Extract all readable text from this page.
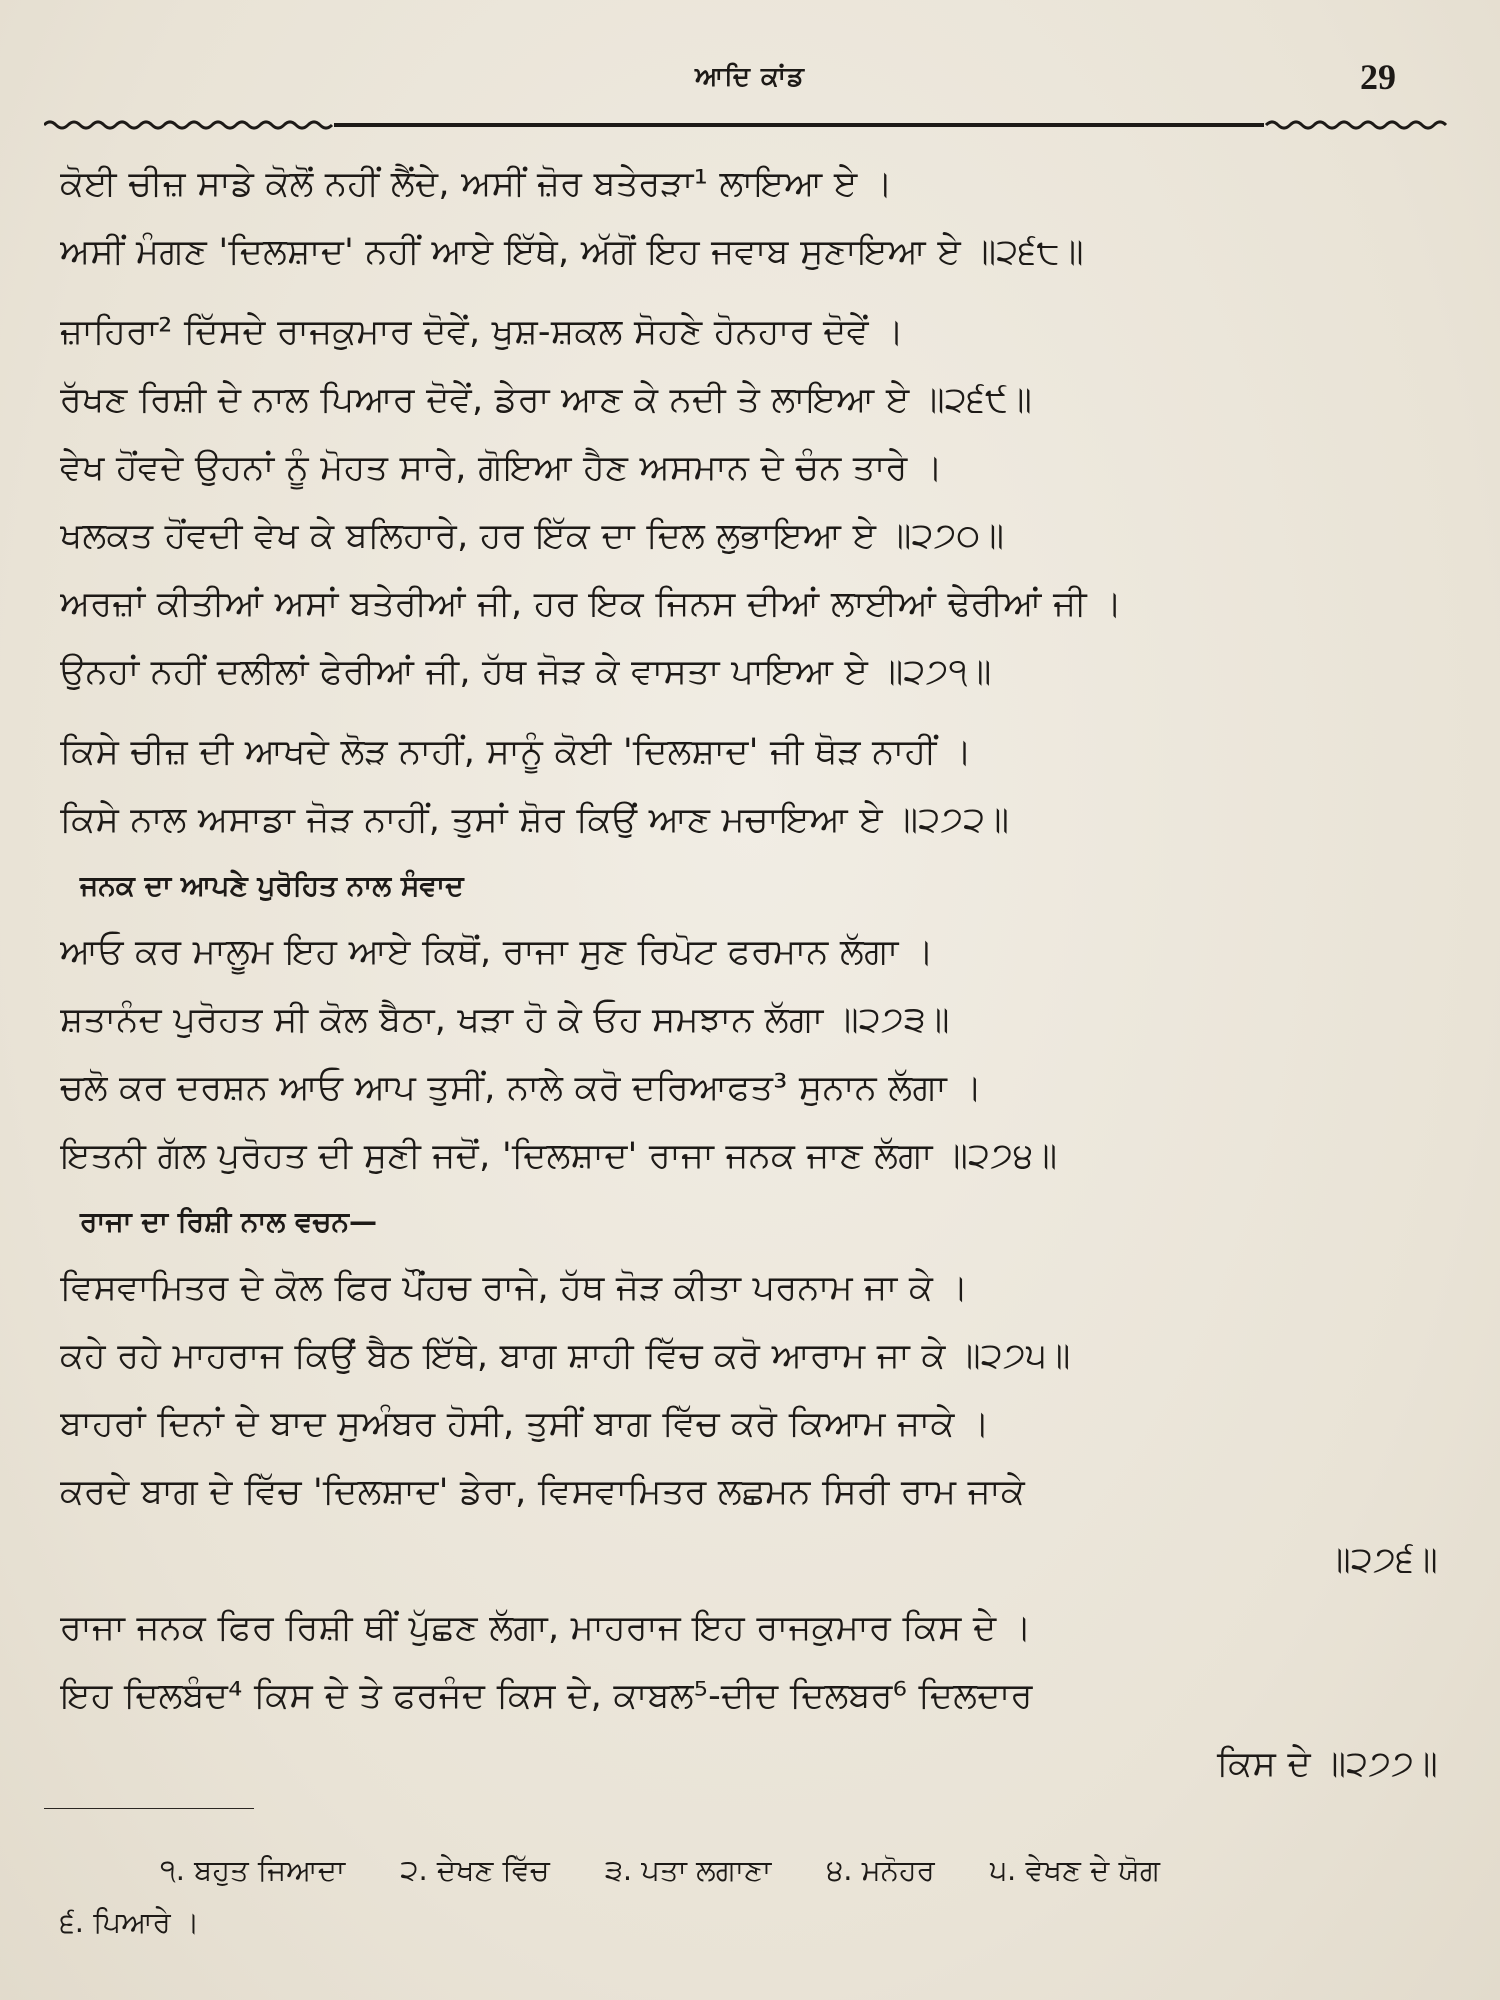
ਆਦਿ ਕਾਂਡ	29
ਕੋਈ ਚੀਜ਼ ਸਾਡੇ ਕੋਲੋਂ ਨਹੀਂ ਲੈਂਦੇ, ਅਸੀਂ ਜ਼ੋਰ ਬਤੇਰੜਾ¹ ਲਾਇਆ ਏ ।
ਅਸੀਂ ਮੰਗਣ 'ਦਿਲਸ਼ਾਦ' ਨਹੀਂ ਆਏ ਇੱਥੇ, ਅੱਗੋਂ ਇਹ ਜਵਾਬ ਸੁਣਾਇਆ ਏ ॥੨੬੮॥
ਜ਼ਾਹਿਰਾ² ਦਿੱਸਦੇ ਰਾਜਕੁਮਾਰ ਦੋਵੇਂ, ਖੁਸ਼-ਸ਼ਕਲ ਸੋਹਣੇ ਹੋਨਹਾਰ ਦੋਵੇਂ ।
ਰੱਖਣ ਰਿਸ਼ੀ ਦੇ ਨਾਲ ਪਿਆਰ ਦੋਵੇਂ, ਡੇਰਾ ਆਣ ਕੇ ਨਦੀ ਤੇ ਲਾਇਆ ਏ ॥੨੬੯॥
ਵੇਖ ਹੋਂਵਦੇ ਉਹਨਾਂ ਨੂੰ ਮੋਹਤ ਸਾਰੇ, ਗੋਇਆ ਹੈਣ ਅਸਮਾਨ ਦੇ ਚੰਨ ਤਾਰੇ ।
ਖਲਕਤ ਹੋਂਵਦੀ ਵੇਖ ਕੇ ਬਲਿਹਾਰੇ, ਹਰ ਇੱਕ ਦਾ ਦਿਲ ਲੁਭਾਇਆ ਏ ॥੨੭੦॥
ਅਰਜ਼ਾਂ ਕੀਤੀਆਂ ਅਸਾਂ ਬਤੇਰੀਆਂ ਜੀ, ਹਰ ਇਕ ਜਿਨਸ ਦੀਆਂ ਲਾਈਆਂ ਢੇਰੀਆਂ ਜੀ ।
ਉਨਹਾਂ ਨਹੀਂ ਦਲੀਲਾਂ ਫੇਰੀਆਂ ਜੀ, ਹੱਥ ਜੋੜ ਕੇ ਵਾਸਤਾ ਪਾਇਆ ਏ ॥੨੭੧॥
ਕਿਸੇ ਚੀਜ਼ ਦੀ ਆਖਦੇ ਲੋੜ ਨਾਹੀਂ, ਸਾਨੂੰ ਕੋਈ 'ਦਿਲਸ਼ਾਦ' ਜੀ ਥੋੜ ਨਾਹੀਂ ।
ਕਿਸੇ ਨਾਲ ਅਸਾਡਾ ਜੋੜ ਨਾਹੀਂ, ਤੁਸਾਂ ਸ਼ੋਰ ਕਿਉਂ ਆਣ ਮਚਾਇਆ ਏ ॥੨੭੨॥
ਜਨਕ ਦਾ ਆਪਣੇ ਪੁਰੋਹਿਤ ਨਾਲ ਸੰਵਾਦ
ਆਓ ਕਰ ਮਾਲੂਮ ਇਹ ਆਏ ਕਿਥੋਂ, ਰਾਜਾ ਸੁਣ ਰਿਪੋਟ ਫਰਮਾਨ ਲੱਗਾ ।
ਸ਼ਤਾਨੰਦ ਪੁਰੋਹਤ ਸੀ ਕੋਲ ਬੈਠਾ, ਖੜਾ ਹੋ ਕੇ ਓਹ ਸਮਝਾਨ ਲੱਗਾ ॥੨੭੩॥
ਚਲੋ ਕਰ ਦਰਸ਼ਨ ਆਓ ਆਪ ਤੁਸੀਂ, ਨਾਲੇ ਕਰੋ ਦਰਿਆਫਤ³ ਸੁਨਾਨ ਲੱਗਾ ।
ਇਤਨੀ ਗੱਲ ਪੁਰੋਹਤ ਦੀ ਸੁਣੀ ਜਦੋਂ, 'ਦਿਲਸ਼ਾਦ' ਰਾਜਾ ਜਨਕ ਜਾਣ ਲੱਗਾ ॥੨੭੪॥
ਰਾਜਾ ਦਾ ਰਿਸ਼ੀ ਨਾਲ ਵਚਨ—
ਵਿਸਵਾਮਿਤਰ ਦੇ ਕੋਲ ਫਿਰ ਪੌਂਹਚ ਰਾਜੇ, ਹੱਥ ਜੋੜ ਕੀਤਾ ਪਰਨਾਮ ਜਾ ਕੇ ।
ਕਹੇ ਰਹੇ ਮਾਹਰਾਜ ਕਿਉਂ ਬੈਠ ਇੱਥੇ, ਬਾਗ ਸ਼ਾਹੀ ਵਿੱਚ ਕਰੋ ਆਰਾਮ ਜਾ ਕੇ ॥੨੭੫॥
ਬਾਹਰਾਂ ਦਿਨਾਂ ਦੇ ਬਾਦ ਸੁਅੰਬਰ ਹੋਸੀ, ਤੁਸੀਂ ਬਾਗ ਵਿੱਚ ਕਰੋ ਕਿਆਮ ਜਾਕੇ ।
ਕਰਦੇ ਬਾਗ ਦੇ ਵਿੱਚ 'ਦਿਲਸ਼ਾਦ' ਡੇਰਾ, ਵਿਸਵਾਮਿਤਰ ਲਛਮਨ ਸਿਰੀ ਰਾਮ ਜਾਕੇ
॥੨੭੬॥
ਰਾਜਾ ਜਨਕ ਫਿਰ ਰਿਸ਼ੀ ਥੀਂ ਪੁੱਛਣ ਲੱਗਾ, ਮਾਹਰਾਜ ਇਹ ਰਾਜਕੁਮਾਰ ਕਿਸ ਦੇ ।
ਇਹ ਦਿਲਬੰਦ⁴ ਕਿਸ ਦੇ ਤੇ ਫਰਜੰਦ ਕਿਸ ਦੇ, ਕਾਬਲ⁵-ਦੀਦ ਦਿਲਬਰ⁶ ਦਿਲਦਾਰ
ਕਿਸ ਦੇ ॥੨੭੭॥
੧. ਬਹੁਤ ਜਿਆਦਾ ੨. ਦੇਖਣ ਵਿੱਚ ੩. ਪਤਾ ਲਗਾਣਾ ੪. ਮਨੋਹਰ ੫. ਵੇਖਣ ਦੇ ਯੋਗ
੬. ਪਿਆਰੇ ।
